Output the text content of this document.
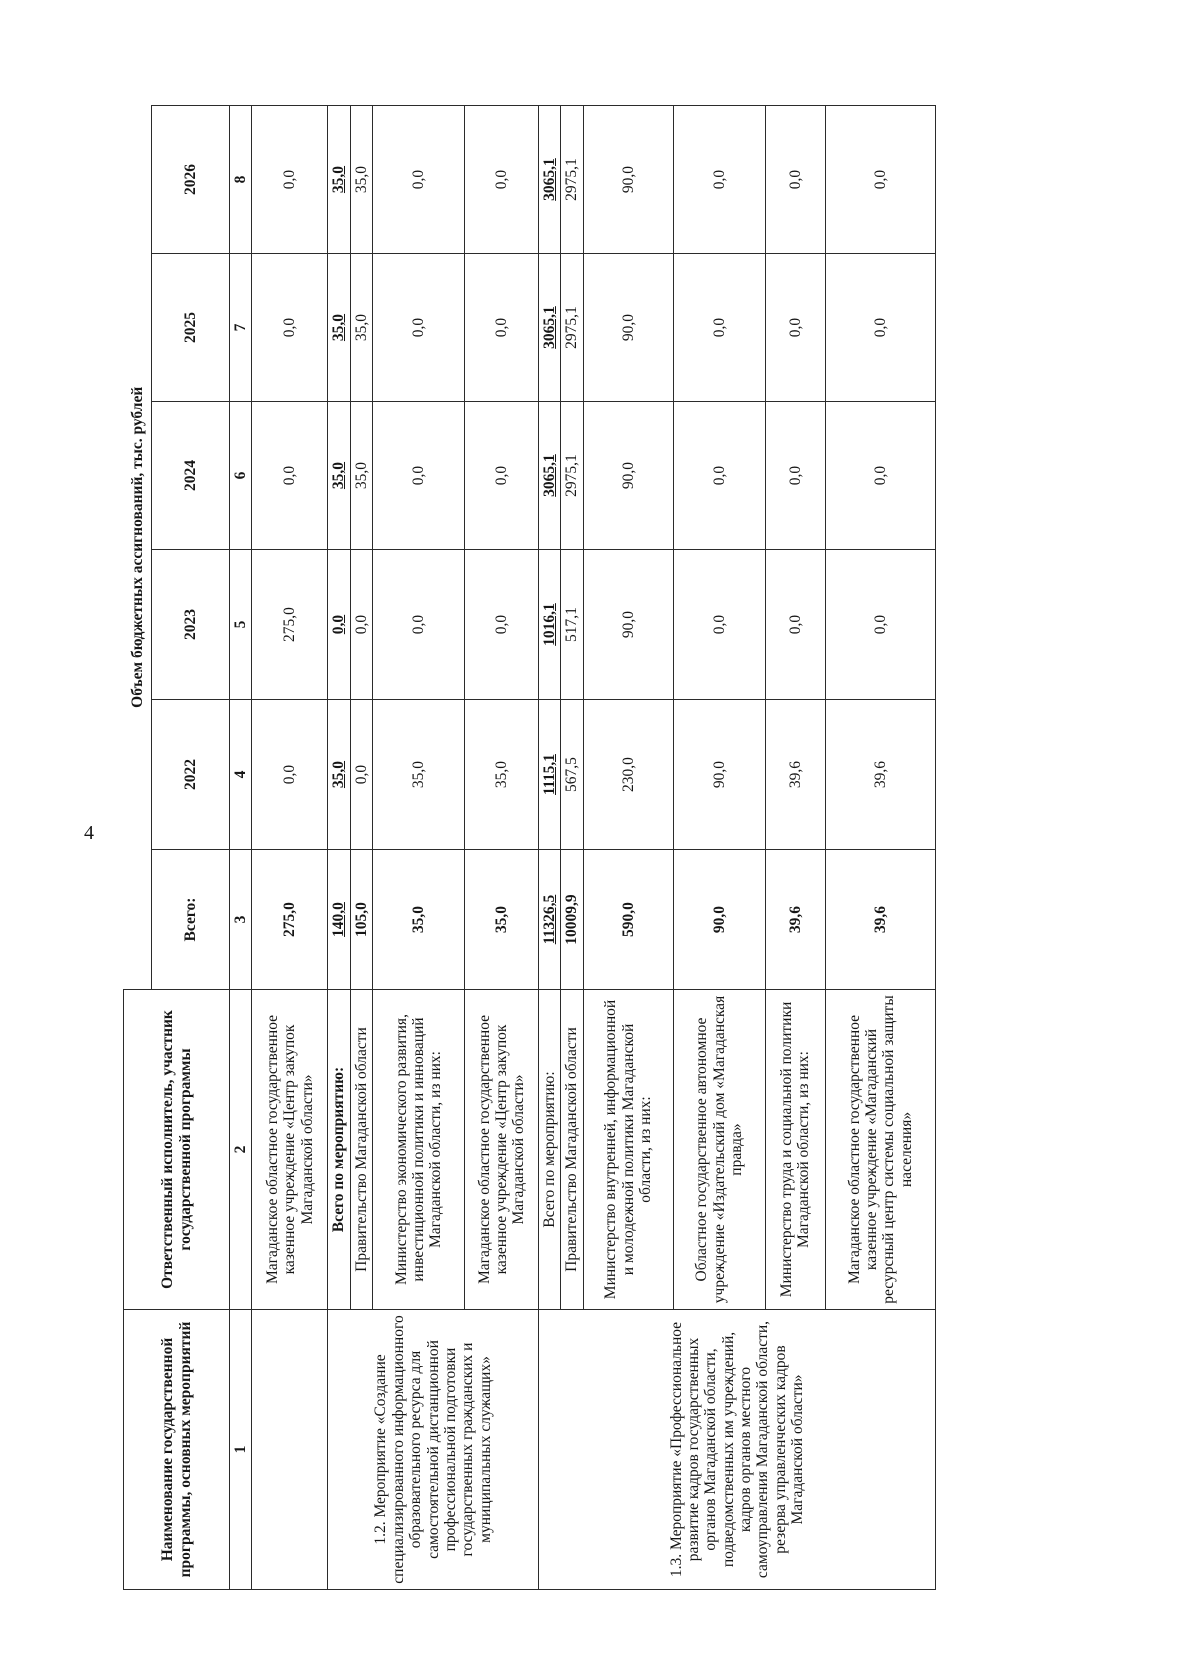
4
Наименование государственной программы, основных мероприятий	Ответственный исполнитель, участник государственной программы	Объем бюджетных ассигнований, тыс. рублей					
		Всего:	2022	2023	2024	2025	2026
1	2	3	4	5	6	7	8
	Магаданское областное государственное казенное учреждение «Центр закупок Магаданской области»	275,0	0,0	275,0	0,0	0,0	0,0
1.2. Мероприятие «Создание специализированного информационного образовательного ресурса для самостоятельной дистанционной профессиональной подготовки государственных гражданских и муниципальных служащих»	Всего по мероприятию:	140,0	35,0	0,0	35,0	35,0	35,0
	Правительство Магаданской области	105,0	0,0	0,0	35,0	35,0	35,0
	Министерство экономического развития, инвестиционной политики и инноваций Магаданской области, из них:	35,0	35,0	0,0	0,0	0,0	0,0
	Магаданское областное государственное казенное учреждение «Центр закупок Магаданской области»	35,0	35,0	0,0	0,0	0,0	0,0
1.3. Мероприятие «Профессиональное развитие кадров государственных органов Магаданской области, подведомственных им учреждений, кадров органов местного самоуправления Магаданской области, резерва управленческих кадров Магаданской области»	Всего по мероприятию:	11326,5	1115,1	1016,1	3065,1	3065,1	3065,1
	Правительство Магаданской области	10009,9	567,5	517,1	2975,1	2975,1	2975,1
	Министерство внутренней, информационной и молодежной политики Магаданской области, из них:	590,0	230,0	90,0	90,0	90,0	90,0
	Областное государственное автономное учреждение «Издательский дом «Магаданская правда»	90,0	90,0	0,0	0,0	0,0	0,0
	Министерство труда и социальной политики Магаданской области, из них:	39,6	39,6	0,0	0,0	0,0	0,0
	Магаданское областное государственное казенное учреждение «Магаданский ресурсный центр системы социальной защиты населения»	39,6	39,6	0,0	0,0	0,0	0,0
